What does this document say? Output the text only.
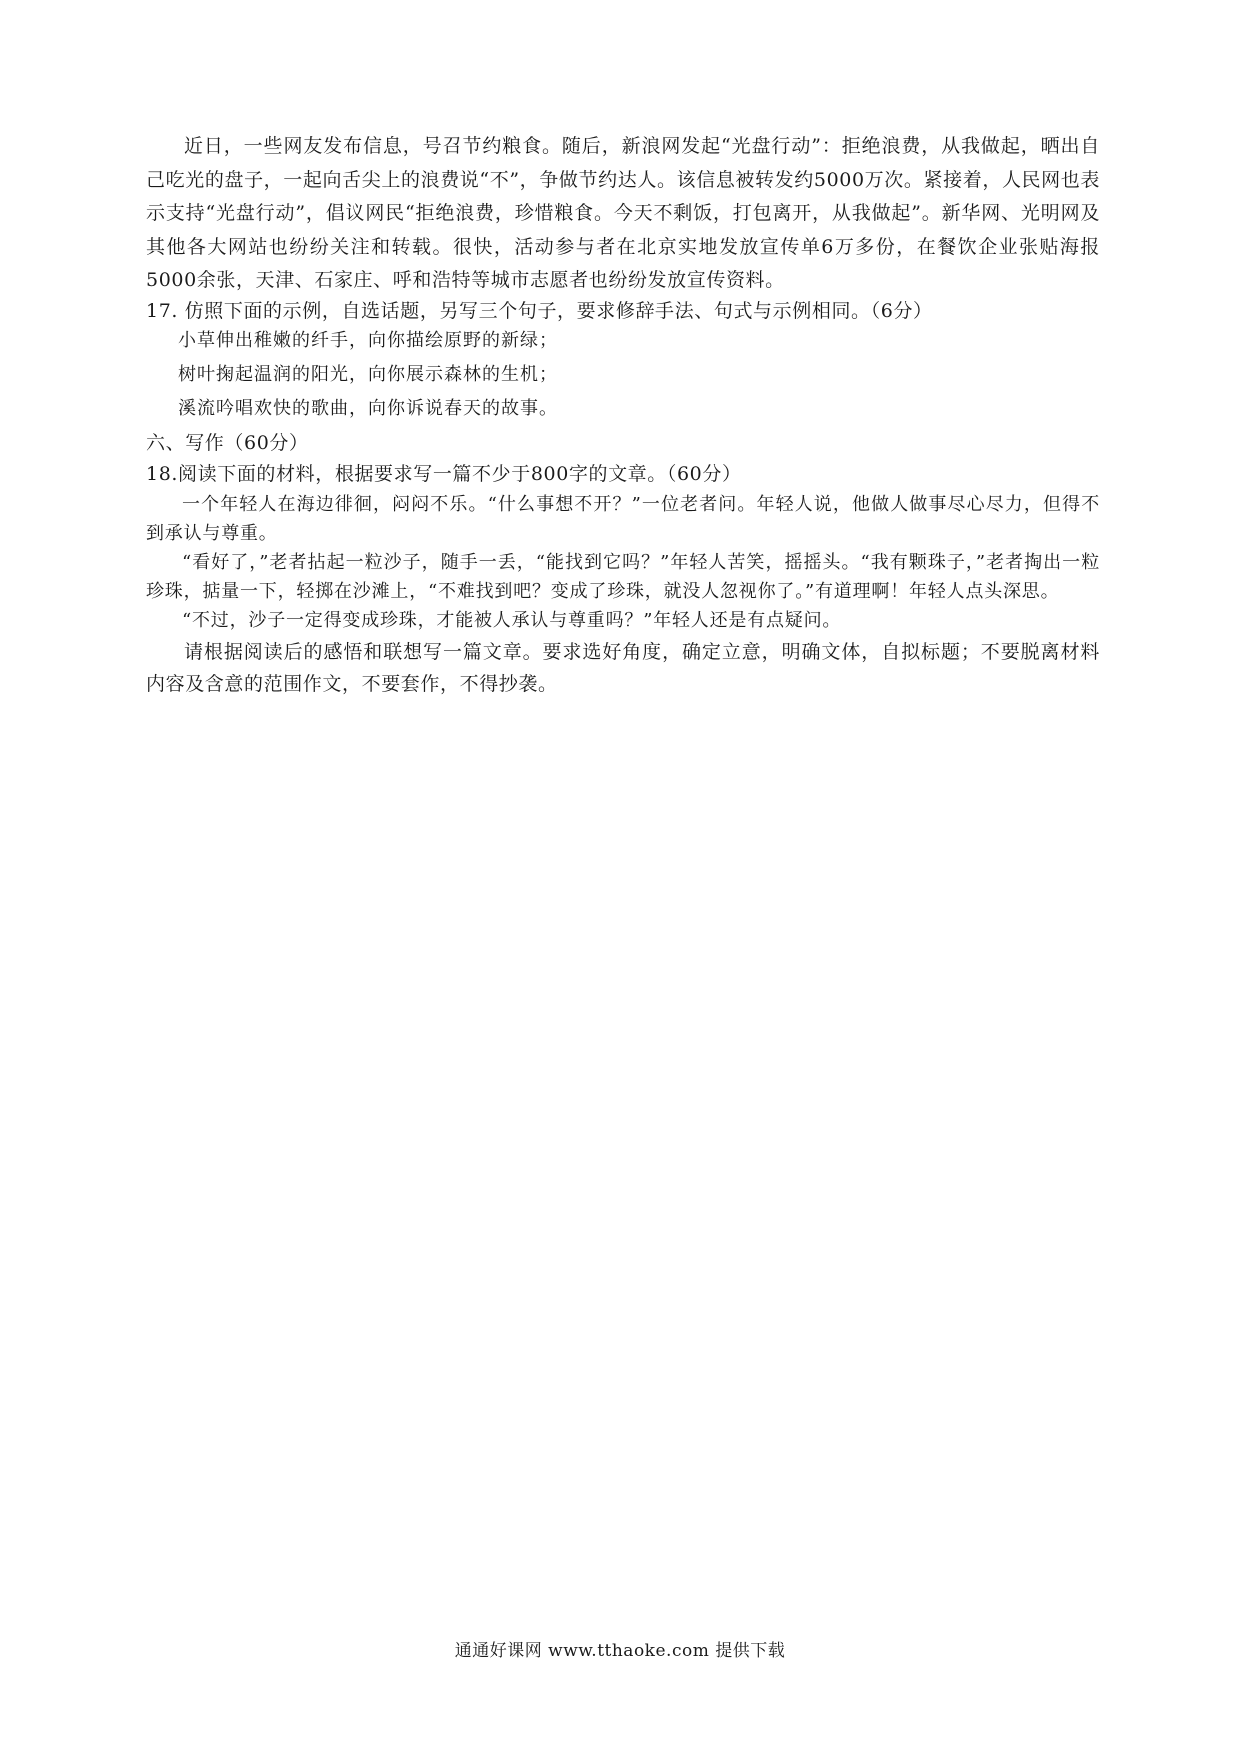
近日，一些网友发布信息，号召节约粮食。随后，新浪网发起“光盘行动”：拒绝浪费，从我做起，晒出自己吃光的盘子，一起向舌尖上的浪费说“不”，争做节约达人。该信息被转发约5000万次。紧接着，人民网也表示支持“光盘行动”，倡议网民“拒绝浪费，珍惜粮食。今天不剩饭，打包离开，从我做起”。新华网、光明网及其他各大网站也纷纷关注和转载。很快，活动参与者在北京实地发放宣传单6万多份，在餐饮企业张贴海报5000余张，天津、石家庄、呼和浩特等城市志愿者也纷纷发放宣传资料。

17. 仿照下面的示例，自选话题，另写三个句子，要求修辞手法、句式与示例相同。（6分）
小草伸出稚嫩的纤手，向你描绘原野的新绿；
树叶掬起温润的阳光，向你展示森林的生机；
溪流吟唱欢快的歌曲，向你诉说春天的故事。
六、写作（60分）
18.阅读下面的材料，根据要求写一篇不少于800字的文章。（60分）

一个年轻人在海边徘徊，闷闷不乐。“什么事想不开？”一位老者问。年轻人说，他做人做事尽心尽力，但得不到承认与尊重。

“看好了，”老者拈起一粒沙子，随手一丢，“能找到它吗？”年轻人苦笑，摇摇头。“我有颗珠子，”老者掏出一粒珍珠，掂量一下，轻掷在沙滩上，“不难找到吧？变成了珍珠，就没人忽视你了。”有道理啊！年轻人点头深思。

“不过，沙子一定得变成珍珠，才能被人承认与尊重吗？”年轻人还是有点疑问。

请根据阅读后的感悟和联想写一篇文章。要求选好角度，确定立意，明确文体，自拟标题；不要脱离材料内容及含意的范围作文，不要套作，不得抄袭。

通通好课网 www.tthaoke.com 提供下载
